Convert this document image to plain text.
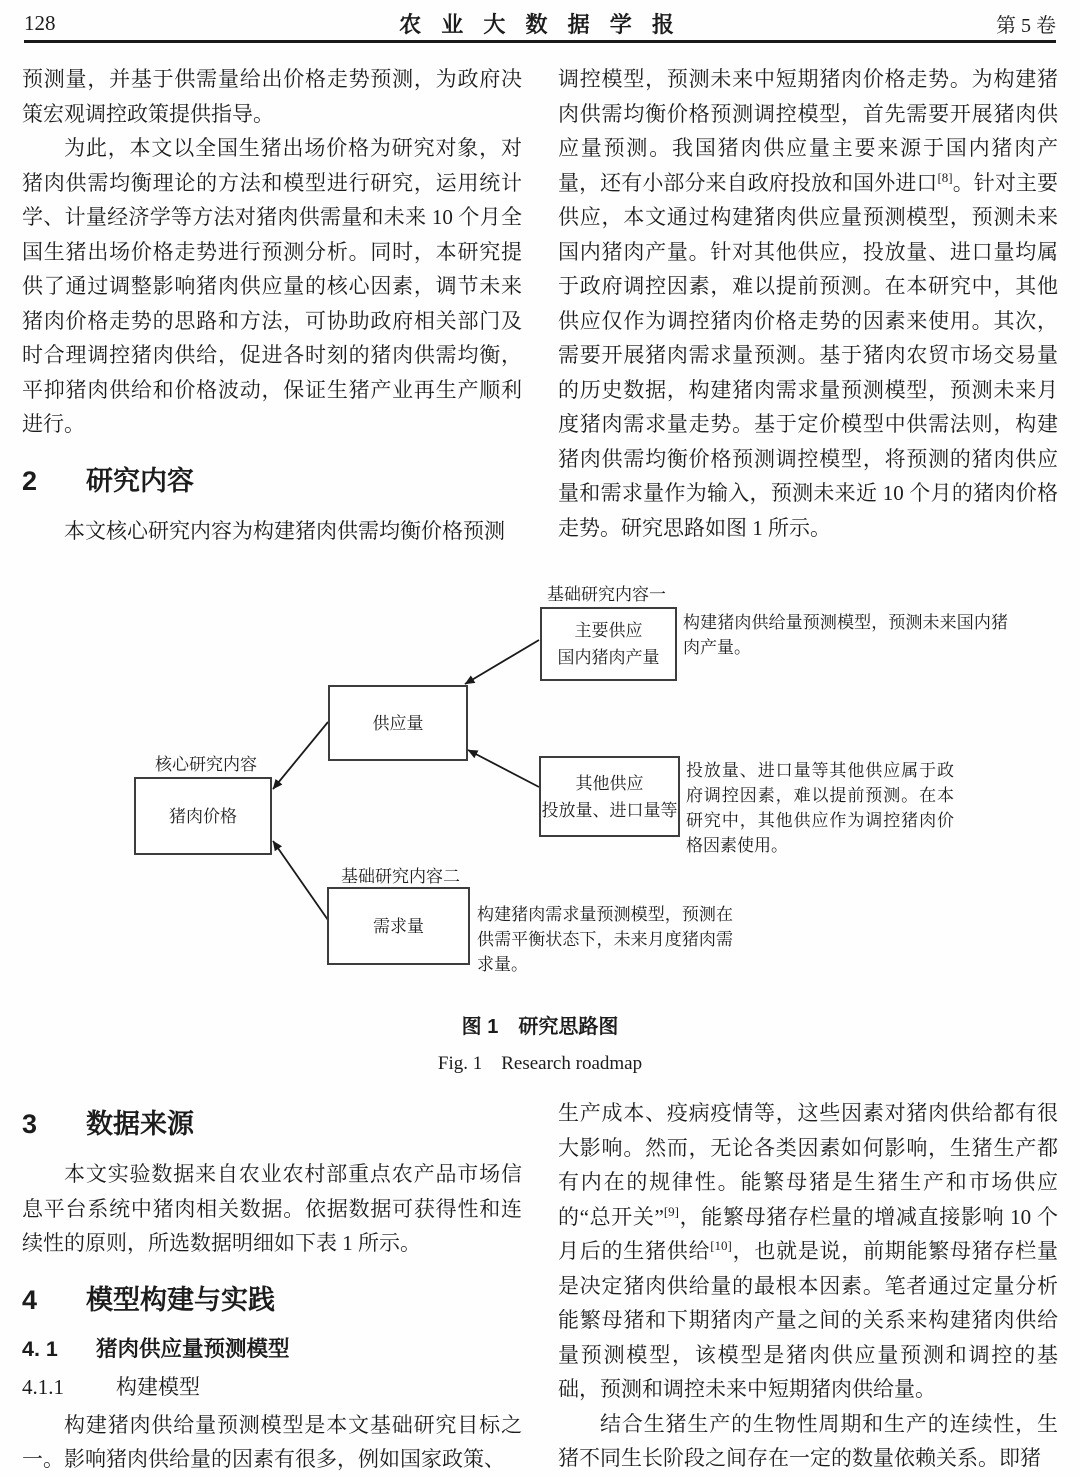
128	农 业 大 数 据 学 报	第 5 卷

预测量，并基于供需量给出价格走势预测，为政府决策宏观调控政策提供指导。

为此，本文以全国生猪出场价格为研究对象，对猪肉供需均衡理论的方法和模型进行研究，运用统计学、计量经济学等方法对猪肉供需量和未来 10 个月全国生猪出场价格走势进行预测分析。同时，本研究提供了通过调整影响猪肉供应量的核心因素，调节未来猪肉价格走势的思路和方法，可协助政府相关部门及时合理调控猪肉供给，促进各时刻的猪肉供需均衡，平抑猪肉供给和价格波动，保证生猪产业再生产顺利进行。

2 研究内容

本文核心研究内容为构建猪肉供需均衡价格预测

调控模型，预测未来中短期猪肉价格走势。为构建猪肉供需均衡价格预测调控模型，首先需要开展猪肉供应量预测。我国猪肉供应量主要来源于国内猪肉产量，还有小部分来自政府投放和国外进口[8]。针对主要供应，本文通过构建猪肉供应量预测模型，预测未来国内猪肉产量。针对其他供应，投放量、进口量均属于政府调控因素，难以提前预测。在本研究中，其他供应仅作为调控猪肉价格走势的因素来使用。其次，需要开展猪肉需求量预测。基于猪肉农贸市场交易量的历史数据，构建猪肉需求量预测模型，预测未来月度猪肉需求量走势。基于定价模型中供需法则，构建猪肉供需均衡价格预测调控模型，将预测的猪肉供应量和需求量作为输入，预测未来近 10 个月的猪肉价格走势。研究思路如图 1 所示。

基础研究内容一
主要供应
国内猪肉产量
构建猪肉供给量预测模型，预测未来国内猪肉产量。
供应量
核心研究内容
猪肉价格
其他供应
投放量、进口量等
投放量、进口量等其他供应属于政府调控因素，难以提前预测。在本研究中，其他供应作为调控猪肉价格因素使用。
基础研究内容二
需求量
构建猪肉需求量预测模型，预测在供需平衡状态下，未来月度猪肉需求量。
图 1　研究思路图
Fig. 1　Research roadmap
3 数据来源

本文实验数据来自农业农村部重点农产品市场信息平台系统中猪肉相关数据。依据数据可获得性和连续性的原则，所选数据明细如下表 1 所示。

4 模型构建与实践
4. 1 猪肉供应量预测模型
4.1.1 构建模型

构建猪肉供给量预测模型是本文基础研究目标之一。影响猪肉供给量的因素有很多，例如国家政策、

生产成本、疫病疫情等，这些因素对猪肉供给都有很大影响。然而，无论各类因素如何影响，生猪生产都有内在的规律性。能繁母猪是生猪生产和市场供应的“总开关”[9]，能繁母猪存栏量的增减直接影响 10 个月后的生猪供给[10]，也就是说，前期能繁母猪存栏量是决定猪肉供给量的最根本因素。笔者通过定量分析能繁母猪和下期猪肉产量之间的关系来构建猪肉供给量预测模型，该模型是猪肉供应量预测和调控的基础，预测和调控未来中短期猪肉供给量。

结合生猪生产的生物性周期和生产的连续性，生猪不同生长阶段之间存在一定的数量依赖关系。即猪
